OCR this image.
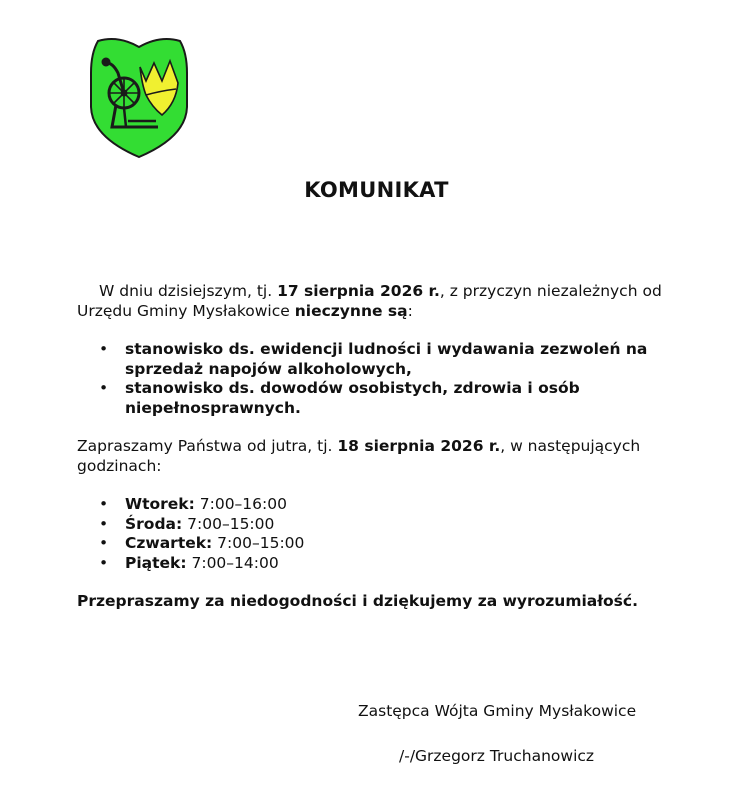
KOMUNIKAT

W dniu dzisiejszym, tj. 17 sierpnia 2026 r., z przyczyn niezależnych od Urzędu Gminy Mysłakowice nieczynne są:

• stanowisko ds. ewidencji ludności i wydawania zezwoleń na sprzedaż napojów alkoholowych,
• stanowisko ds. dowodów osobistych, zdrowia i osób niepełnosprawnych.

Zapraszamy Państwa od jutra, tj. 18 sierpnia 2026 r., w następujących godzinach:

• Wtorek: 7:00–16:00
• Środa: 7:00–15:00
• Czwartek: 7:00–15:00
• Piątek: 7:00–14:00

Przepraszamy za niedogodności i dziękujemy za wyrozumiałość.

Zastępca Wójta Gminy Mysłakowice
/-/Grzegorz Truchanowicz
